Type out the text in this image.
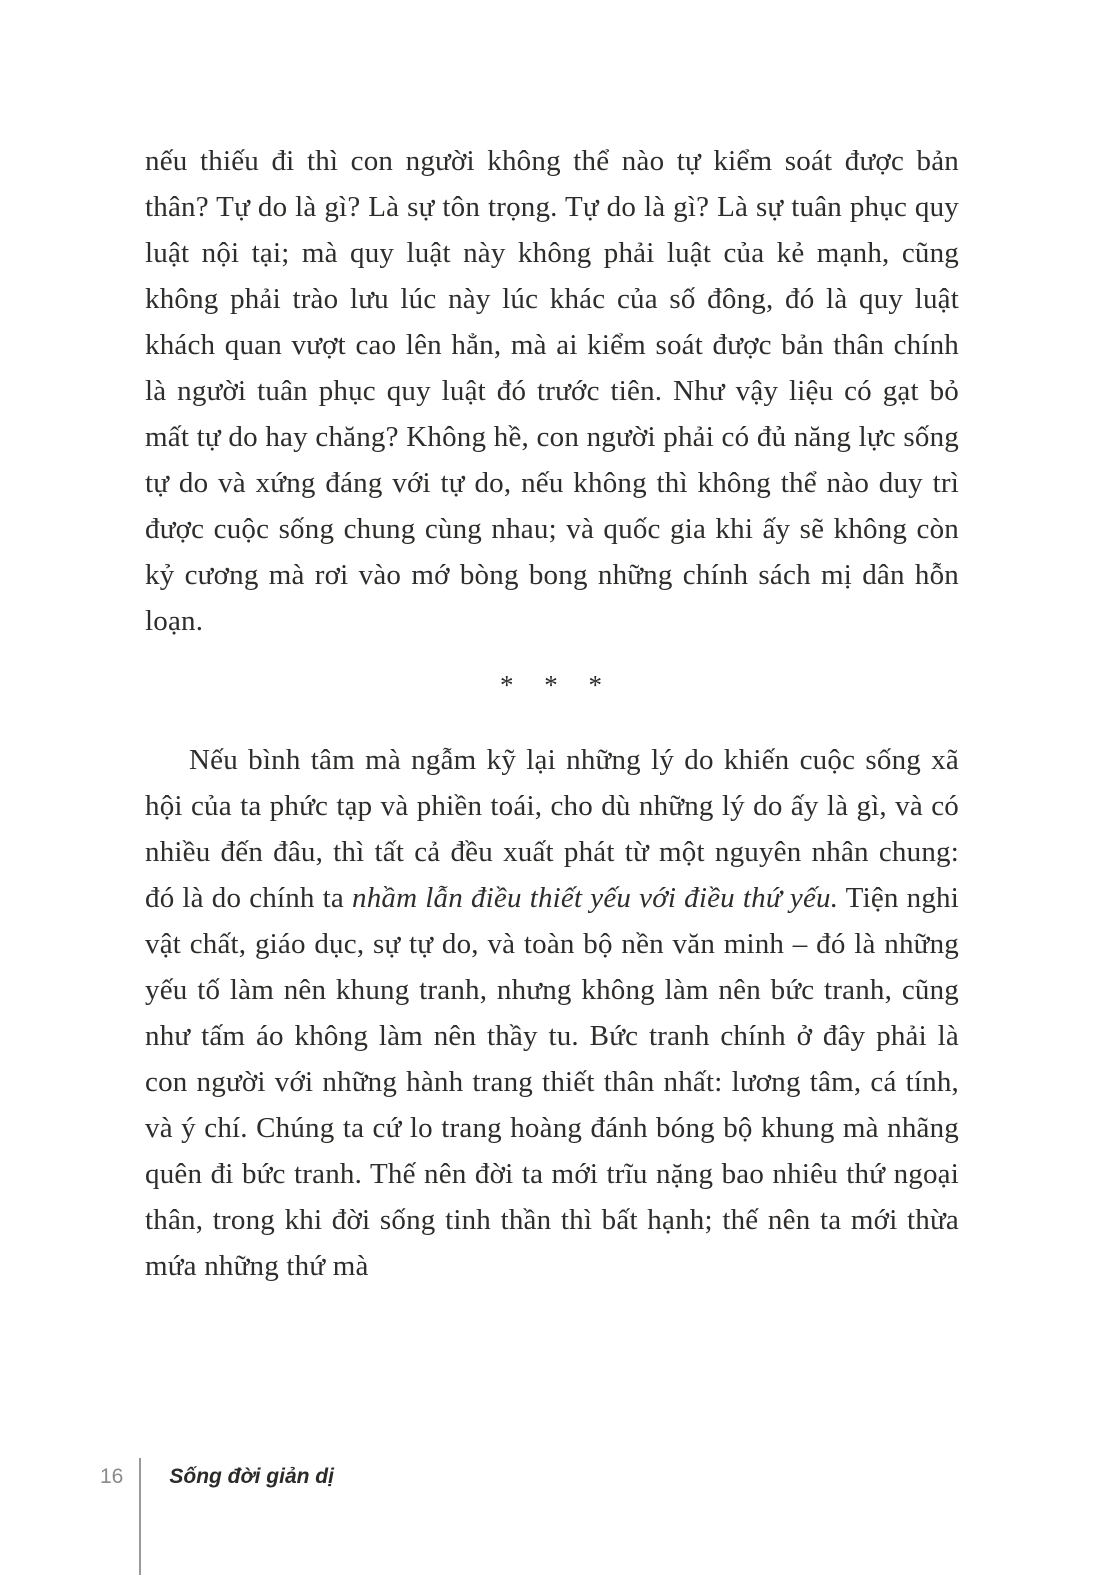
nếu thiếu đi thì con người không thể nào tự kiểm soát được bản thân? Tự do là gì? Là sự tôn trọng. Tự do là gì? Là sự tuân phục quy luật nội tại; mà quy luật này không phải luật của kẻ mạnh, cũng không phải trào lưu lúc này lúc khác của số đông, đó là quy luật khách quan vượt cao lên hẳn, mà ai kiểm soát được bản thân chính là người tuân phục quy luật đó trước tiên. Như vậy liệu có gạt bỏ mất tự do hay chăng? Không hề, con người phải có đủ năng lực sống tự do và xứng đáng với tự do, nếu không thì không thể nào duy trì được cuộc sống chung cùng nhau; và quốc gia khi ấy sẽ không còn kỷ cương mà rơi vào mớ bòng bong những chính sách mị dân hỗn loạn.

* * *

Nếu bình tâm mà ngẫm kỹ lại những lý do khiến cuộc sống xã hội của ta phức tạp và phiền toái, cho dù những lý do ấy là gì, và có nhiều đến đâu, thì tất cả đều xuất phát từ một nguyên nhân chung: đó là do chính ta nhầm lẫn điều thiết yếu với điều thứ yếu. Tiện nghi vật chất, giáo dục, sự tự do, và toàn bộ nền văn minh – đó là những yếu tố làm nên khung tranh, nhưng không làm nên bức tranh, cũng như tấm áo không làm nên thầy tu. Bức tranh chính ở đây phải là con người với những hành trang thiết thân nhất: lương tâm, cá tính, và ý chí. Chúng ta cứ lo trang hoàng đánh bóng bộ khung mà nhãng quên đi bức tranh. Thế nên đời ta mới trĩu nặng bao nhiêu thứ ngoại thân, trong khi đời sống tinh thần thì bất hạnh; thế nên ta mới thừa mứa những thứ mà

16 Sống đời giản dị
